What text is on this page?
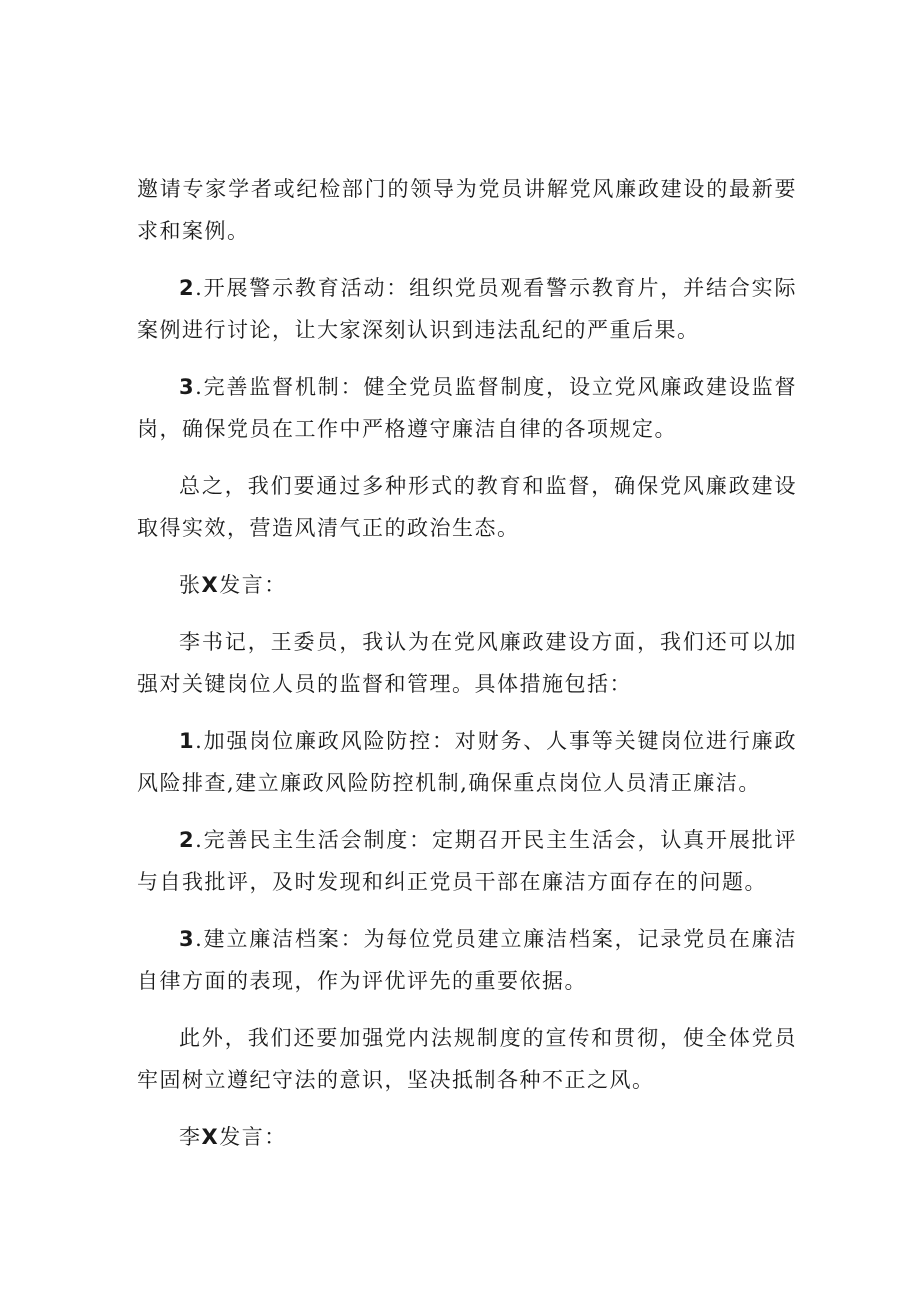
邀请专家学者或纪检部门的领导为党员讲解党风廉政建设的最新要求和案例。

2.开展警示教育活动：组织党员观看警示教育片，并结合实际案例进行讨论，让大家深刻认识到违法乱纪的严重后果。

3.完善监督机制：健全党员监督制度，设立党风廉政建设监督岗，确保党员在工作中严格遵守廉洁自律的各项规定。

总之，我们要通过多种形式的教育和监督，确保党风廉政建设取得实效，营造风清气正的政治生态。

张X发言：

李书记，王委员，我认为在党风廉政建设方面，我们还可以加强对关键岗位人员的监督和管理。具体措施包括：

1.加强岗位廉政风险防控：对财务、人事等关键岗位进行廉政风险排查,建立廉政风险防控机制,确保重点岗位人员清正廉洁。

2.完善民主生活会制度：定期召开民主生活会，认真开展批评与自我批评，及时发现和纠正党员干部在廉洁方面存在的问题。

3.建立廉洁档案：为每位党员建立廉洁档案，记录党员在廉洁自律方面的表现，作为评优评先的重要依据。

此外，我们还要加强党内法规制度的宣传和贯彻，使全体党员牢固树立遵纪守法的意识，坚决抵制各种不正之风。

李X发言：
